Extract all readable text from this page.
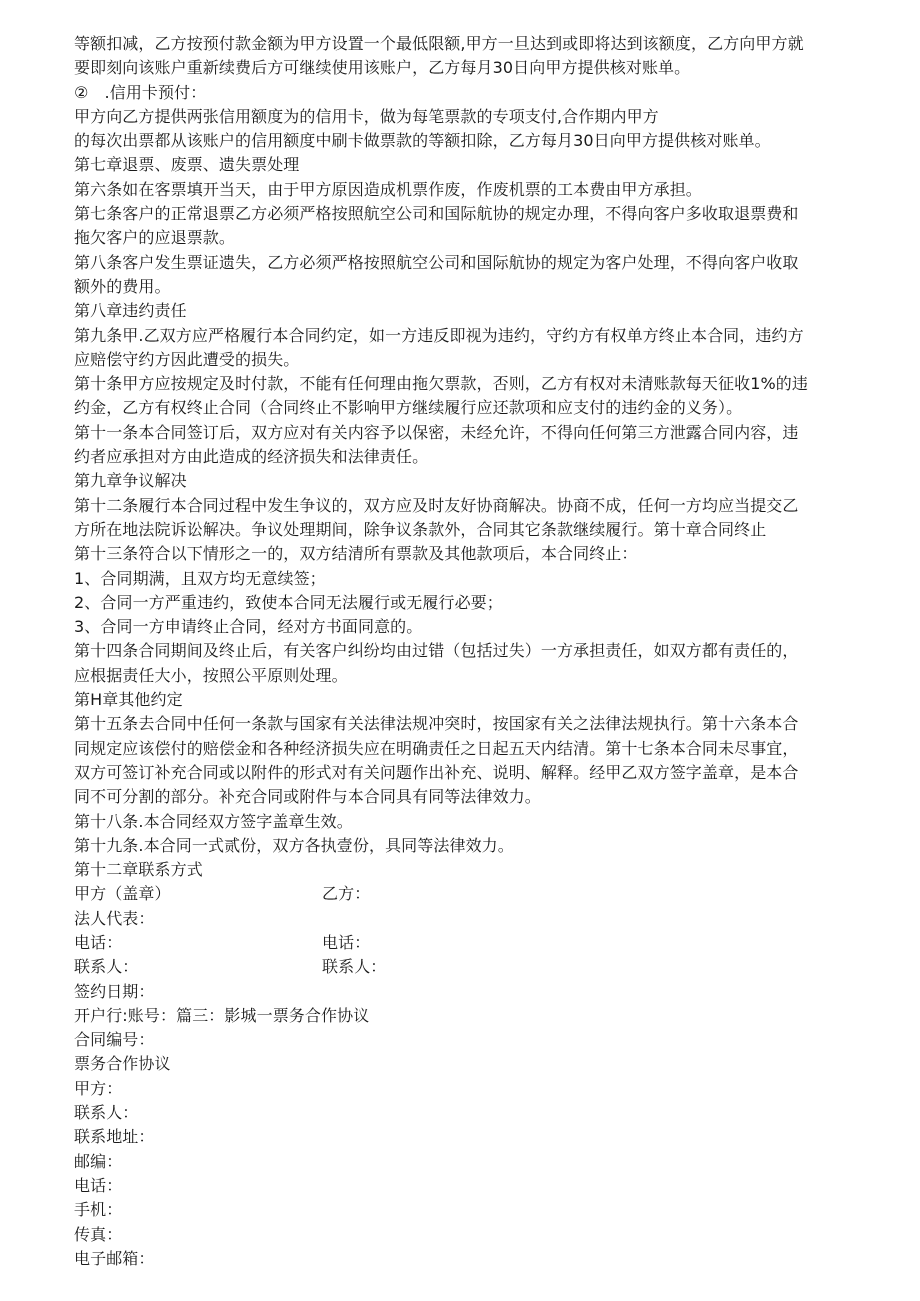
等额扣减，乙方按预付款金额为甲方设置一个最低限额,甲方一旦达到或即将达到该额度，乙方向甲方就

要即刻向该账户重新续费后方可继续使用该账户，乙方每月30日向甲方提供核对账单。

②　.信用卡预付：

甲方向乙方提供两张信用额度为的信用卡，做为每笔票款的专项支付,合作期内甲方

的每次出票都从该账户的信用额度中刷卡做票款的等额扣除，乙方每月30日向甲方提供核对账单。

第七章退票、废票、遗失票处理

第六条如在客票填开当天，由于甲方原因造成机票作废，作废机票的工本费由甲方承担。

第七条客户的正常退票乙方必须严格按照航空公司和国际航协的规定办理，不得向客户多收取退票费和

拖欠客户的应退票款。

第八条客户发生票证遗失，乙方必须严格按照航空公司和国际航协的规定为客户处理，不得向客户收取

额外的费用。

第八章违约责任

第九条甲.乙双方应严格履行本合同约定，如一方违反即视为违约，守约方有权单方终止本合同，违约方

应赔偿守约方因此遭受的损失。

第十条甲方应按规定及时付款，不能有任何理由拖欠票款，否则，乙方有权对未清账款每天征收1%的违

约金，乙方有权终止合同（合同终止不影响甲方继续履行应还款项和应支付的违约金的义务）。

第十一条本合同签订后，双方应对有关内容予以保密，未经允许，不得向任何第三方泄露合同内容，违

约者应承担对方由此造成的经济损失和法律责任。

第九章争议解决

第十二条履行本合同过程中发生争议的，双方应及时友好协商解决。协商不成，任何一方均应当提交乙

方所在地法院诉讼解决。争议处理期间，除争议条款外，合同其它条款继续履行。第十章合同终止

第十三条符合以下情形之一的，双方结清所有票款及其他款项后，本合同终止：

1、合同期满，且双方均无意续签；

2、合同一方严重违约，致使本合同无法履行或无履行必要；

3、合同一方申请终止合同，经对方书面同意的。

第十四条合同期间及终止后，有关客户纠纷均由过错（包括过失）一方承担责任，如双方都有责任的，

应根据责任大小，按照公平原则处理。

第H章其他约定

第十五条去合同中任何一条款与国家有关法律法规冲突时，按国家有关之法律法规执行。第十六条本合

同规定应该偿付的赔偿金和各种经济损失应在明确责任之日起五天内结清。第十七条本合同未尽事宜，

双方可签订补充合同或以附件的形式对有关问题作出补充、说明、解释。经甲乙双方签字盖章，是本合

同不可分割的部分。补充合同或附件与本合同具有同等法律效力。

第十八条.本合同经双方签字盖章生效。

第十九条.本合同一式贰份，双方各执壹份，具同等法律效力。

第十二章联系方式

甲方（盖章）	乙方：

法人代表：

电话：	电话：
联系人：	联系人：

签约日期：

开户行:账号：篇三：影城一票务合作协议

合同编号：

票务合作协议

甲方：

联系人：

联系地址：

邮编：

电话：

手机：

传真：

电子邮箱：
